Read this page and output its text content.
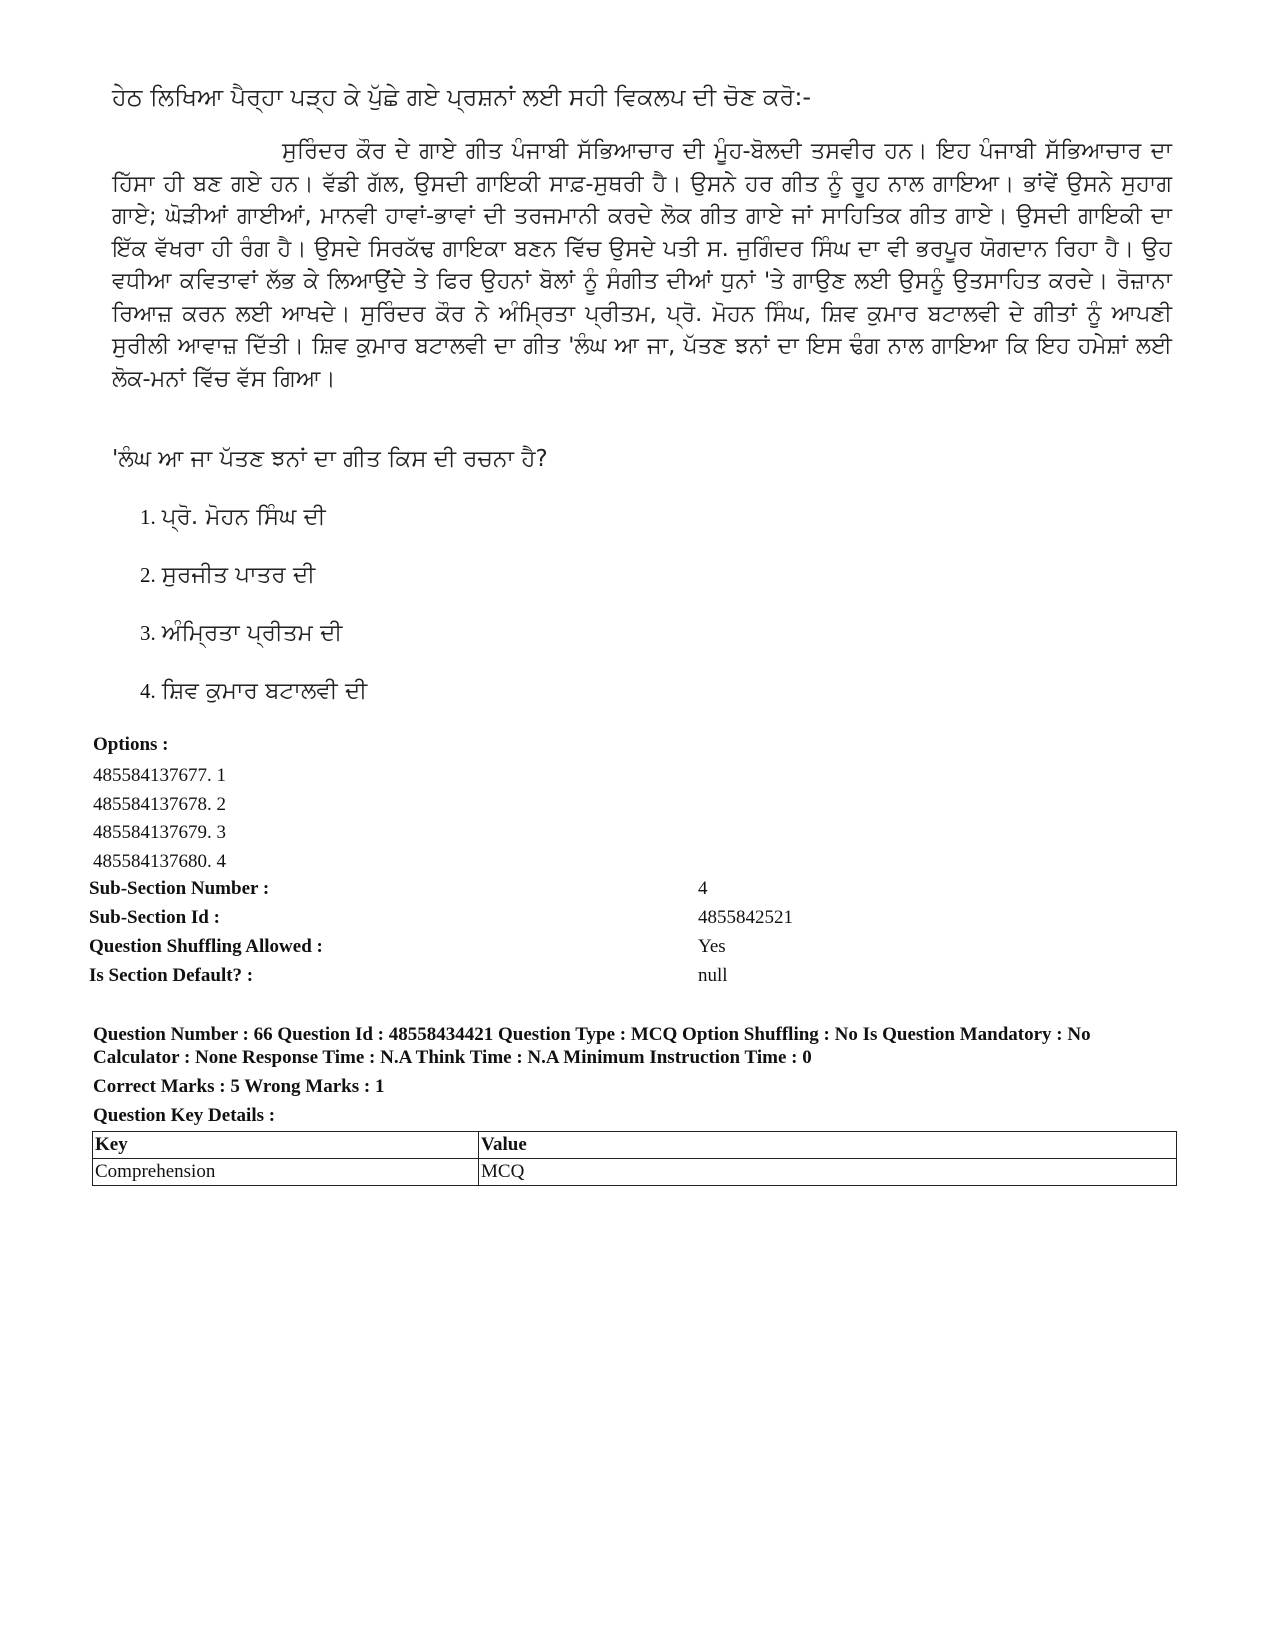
ਹੇਠ ਲਿਖਿਆ ਪੈਰ੍ਹਾ ਪੜ੍ਹ ਕੇ ਪੁੱਛੇ ਗਏ ਪ੍ਰਸ਼ਨਾਂ ਲਈ ਸਹੀ ਵਿਕਲਪ ਦੀ ਚੋਣ ਕਰੋ:-
ਸੁਰਿੰਦਰ ਕੌਰ ਦੇ ਗਾਏ ਗੀਤ ਪੰਜਾਬੀ ਸੱਭਿਆਚਾਰ ਦੀ ਮੂੰਹ-ਬੋਲਦੀ ਤਸਵੀਰ ਹਨ। ਇਹ ਪੰਜਾਬੀ ਸੱਭਿਆਚਾਰ ਦਾ ਹਿੱਸਾ ਹੀ ਬਣ ਗਏ ਹਨ। ਵੱਡੀ ਗੱਲ, ਉਸਦੀ ਗਾਇਕੀ ਸਾਫ਼-ਸੁਥਰੀ ਹੈ। ਉਸਨੇ ਹਰ ਗੀਤ ਨੂੰ ਰੂਹ ਨਾਲ ਗਾਇਆ। ਭਾਂਵੇਂ ਉਸਨੇ ਸੁਹਾਗ ਗਾਏ; ਘੋੜੀਆਂ ਗਾਈਆਂ, ਮਾਨਵੀ ਹਾਵਾਂ-ਭਾਵਾਂ ਦੀ ਤਰਜਮਾਨੀ ਕਰਦੇ ਲੋਕ ਗੀਤ ਗਾਏ ਜਾਂ ਸਾਹਿਤਿਕ ਗੀਤ ਗਾਏ। ਉਸਦੀ ਗਾਇਕੀ ਦਾ ਇੱਕ ਵੱਖਰਾ ਹੀ ਰੰਗ ਹੈ। ਉਸਦੇ ਸਿਰਕੱਢ ਗਾਇਕਾ ਬਣਨ ਵਿੱਚ ਉਸਦੇ ਪਤੀ ਸ. ਜੁਗਿੰਦਰ ਸਿੰਘ ਦਾ ਵੀ ਭਰਪੂਰ ਯੋਗਦਾਨ ਰਿਹਾ ਹੈ। ਉਹ ਵਧੀਆ ਕਵਿਤਾਵਾਂ ਲੱਭ ਕੇ ਲਿਆਉਂਦੇ ਤੇ ਫਿਰ ਉਹਨਾਂ ਬੋਲਾਂ ਨੂੰ ਸੰਗੀਤ ਦੀਆਂ ਧੁਨਾਂ 'ਤੇ ਗਾਉਣ ਲਈ ਉਸਨੂੰ ਉਤਸਾਹਿਤ ਕਰਦੇ। ਰੋਜ਼ਾਨਾ ਰਿਆਜ਼ ਕਰਨ ਲਈ ਆਖਦੇ। ਸੁਰਿੰਦਰ ਕੌਰ ਨੇ ਅੰਮ੍ਰਿਤਾ ਪ੍ਰੀਤਮ, ਪ੍ਰੋ. ਮੋਹਨ ਸਿੰਘ, ਸ਼ਿਵ ਕੁਮਾਰ ਬਟਾਲਵੀ ਦੇ ਗੀਤਾਂ ਨੂੰ ਆਪਣੀ ਸੁਰੀਲੀ ਆਵਾਜ਼ ਦਿੱਤੀ। ਸ਼ਿਵ ਕੁਮਾਰ ਬਟਾਲਵੀ ਦਾ ਗੀਤ 'ਲੰਘ ਆ ਜਾ, ਪੱਤਣ ਝਨਾਂ ਦਾ ਇਸ ਢੰਗ ਨਾਲ ਗਾਇਆ ਕਿ ਇਹ ਹਮੇਸ਼ਾਂ ਲਈ ਲੋਕ-ਮਨਾਂ ਵਿੱਚ ਵੱਸ ਗਿਆ।
'ਲੰਘ ਆ ਜਾ ਪੱਤਣ ਝਨਾਂ ਦਾ ਗੀਤ ਕਿਸ ਦੀ ਰਚਨਾ ਹੈ?
1. ਪ੍ਰੋ. ਮੋਹਨ ਸਿੰਘ ਦੀ
2. ਸੁਰਜੀਤ ਪਾਤਰ ਦੀ
3. ਅੰਮ੍ਰਿਤਾ ਪ੍ਰੀਤਮ ਦੀ
4. ਸ਼ਿਵ ਕੁਮਾਰ ਬਟਾਲਵੀ ਦੀ
Options :
485584137677. 1
485584137678. 2
485584137679. 3
485584137680. 4
Sub-Section Number :	4
Sub-Section Id :	4855842521
Question Shuffling Allowed :	Yes
Is Section Default? :	null
Question Number : 66 Question Id : 48558434421 Question Type : MCQ Option Shuffling : No Is Question Mandatory : No Calculator : None Response Time : N.A Think Time : N.A Minimum Instruction Time : 0
Correct Marks : 5 Wrong Marks : 1
Question Key Details :
Key	Value
Comprehension	MCQ
